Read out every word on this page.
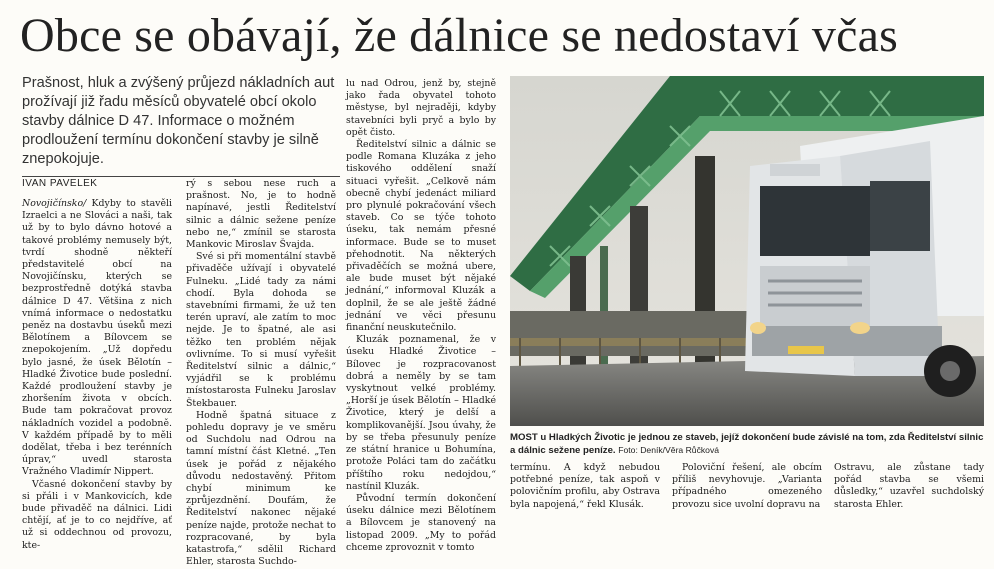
Obce se obávají, že dálnice se nedostaví včas
Prašnost, hluk a zvýšený průjezd nákladních aut prožívají již řadu měsíců obyvatelé obcí okolo stavby dálnice D 47. Informace o možném prodloužení termínu dokončení stavby je silně znepokojuje.
IVAN PAVELEK

Novojičínsko/ Kdyby to stavěli Izraelci a ne Slováci a naši, tak už by to bylo dávno hotové a takové problémy nemusely být, tvrdí shodně někteří představitelé obcí na Novojičínsku, kterých se bezprostředně dotýká stavba dálnice D 47. Většina z nich vnímá informace o nedostatku peněz na dostavbu úseků mezi Bělotínem a Bílovcem se znepokojením. „Už dopředu bylo jasné, že úsek Bělotín – Hladké Životice bude poslední. Každé prodloužení stavby je zhoršením života v obcích. Bude tam pokračovat provoz nákladních vozidel a podobně. V každém případě by to měli dodělat, třeba i bez terénních úprav,“ uvedl starosta Vražného Vladimír Nippert.

Včasné dokončení stavby by si přáli i v Mankovicích, kde bude přivaděč na dálnici. Lidi chtějí, ať je to co nejdříve, ať už si oddechnou od provozu, kte-

rý s sebou nese ruch a prašnost. No, je to hodně napínavé, jestli Ředitelství silnic a dálnic sežene peníze nebo ne,“ zmínil se starosta Mankovic Miroslav Švajda.

Své si při momentální stavbě přivaděče užívají i obyvatelé Fulneku. „Lidé tady za námi chodí. Byla dohoda se stavebními firmami, že už ten terén upraví, ale zatím to moc nejde. Je to špatné, ale asi těžko ten problém nějak ovlivníme. To si musí vyřešit Ředitelství silnic a dálnic,“ vyjádřil se k problému místostarosta Fulneku Jaroslav Štekbauer.

Hodně špatná situace z pohledu dopravy je ve směru od Suchdolu nad Odrou na tamní místní část Kletné. „Ten úsek je pořád z nějakého důvodu nedostavěný. Přitom chybí minimum ke zprůjezdnění. Doufám, že Ředitelství nakonec nějaké peníze najde, protože nechat to rozpracované, by byla katastrofa,“ sdělil Richard Ehler, starosta Suchdo-

lu nad Odrou, jenž by, stejně jako řada obyvatel tohoto městyse, byl nejraději, kdyby stavebníci byli pryč a bylo by opět čisto.

Ředitelství silnic a dálnic se podle Romana Kluzáka z jeho tiskového oddělení snaží situaci vyřešit. „Celkově nám obecně chybí jedenáct miliard pro plynulé pokračování všech staveb. Co se týče tohoto úseku, tak nemám přesné informace. Bude se to muset přehodnotit. Na některých přivaděčích se možná ubere, ale bude muset být nějaké jednání,“ informoval Kluzák a doplnil, že se ale ještě žádné jednání ve věci přesunu finanční neuskutečnilo.

Kluzák poznamenal, že v úseku Hladké Životice – Bílovec je rozpracovanost dobrá a neměly by se tam vyskytnout velké problémy. „Horší je úsek Bělotín – Hladké Životice, který je delší a komplikovanější. Jsou úvahy, že by se třeba přesunuly peníze ze státní hranice u Bohumína, protože Poláci tam do začátku příštího roku nedojdou,“ nastínil Kluzák.

Původní termín dokončení úseku dálnice mezi Bělotínem a Bílovcem je stanovený na listopad 2009. „My to pořád chceme zprovoznit v tomto

MOST u Hladkých Životic je jednou ze staveb, jejíž dokončení bude závislé na tom, zda Ředitelství silnic a dálnic sežene peníze. Foto: Deník/Věra Růčková

termínu. A když nebudou potřebné peníze, tak aspoň v polovičním profilu, aby Ostrava byla napojená,“ řekl Klusák.

Poloviční řešení, ale obcím příliš nevyhovuje. „Varianta případného omezeného provozu sice uvolní dopravu na

Ostravu, ale zůstane tady pořád stavba se všemi důsledky,“ uzavřel suchdolský starosta Ehler.
